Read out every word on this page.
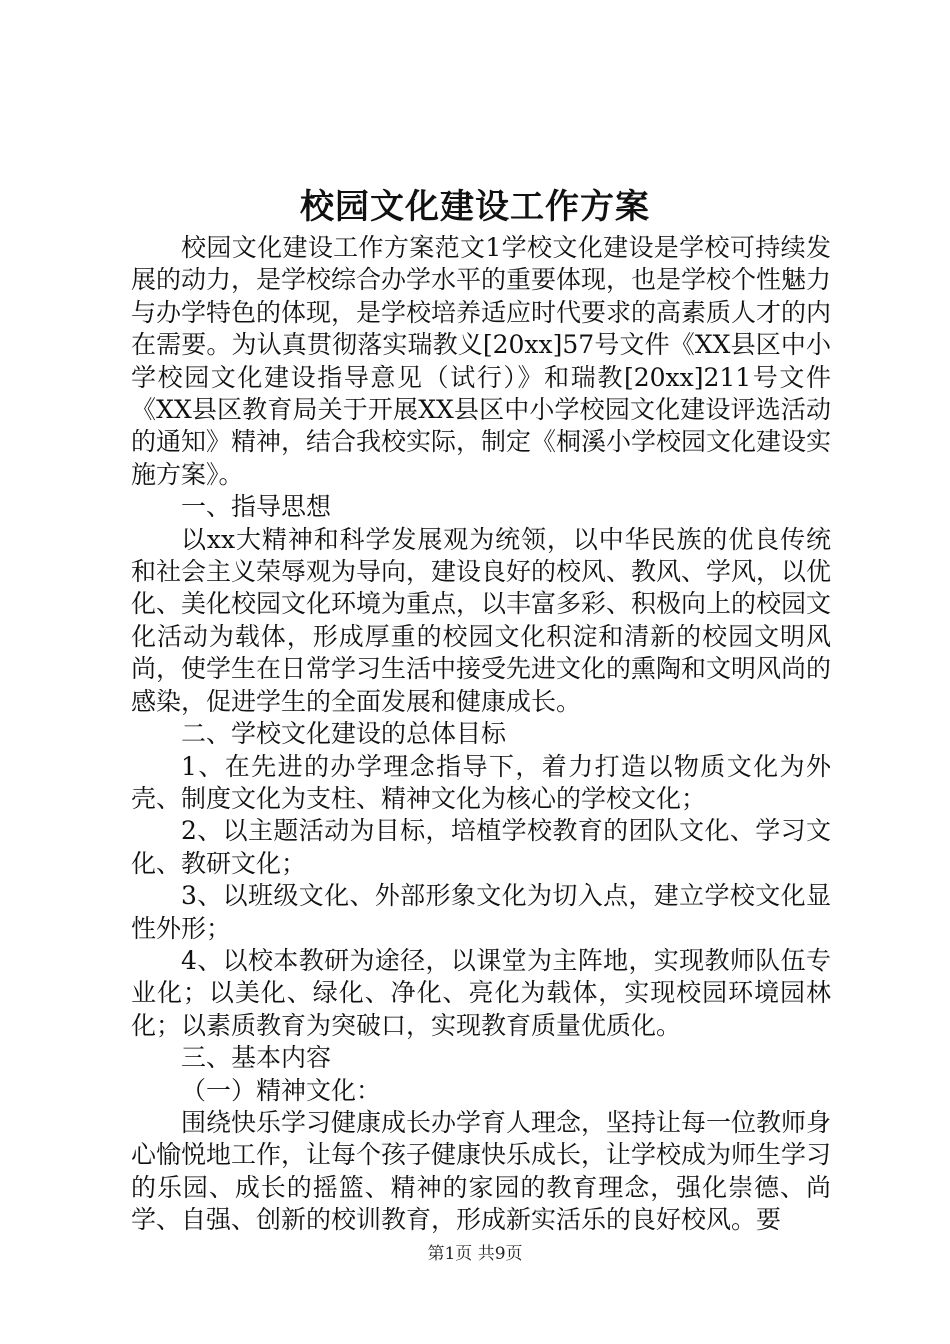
校园文化建设工作方案

校园文化建设工作方案范文1学校文化建设是学校可持续发展的动力，是学校综合办学水平的重要体现，也是学校个性魅力与办学特色的体现，是学校培养适应时代要求的高素质人才的内在需要。为认真贯彻落实瑞教义[20xx]57号文件《XX县区中小学校园文化建设指导意见（试行）》和瑞教[20xx]211号文件《XX县区教育局关于开展XX县区中小学校园文化建设评选活动的通知》精神，结合我校实际，制定《桐溪小学校园文化建设实施方案》。

一、指导思想

以xx大精神和科学发展观为统领，以中华民族的优良传统和社会主义荣辱观为导向，建设良好的校风、教风、学风，以优化、美化校园文化环境为重点，以丰富多彩、积极向上的校园文化活动为载体，形成厚重的校园文化积淀和清新的校园文明风尚，使学生在日常学习生活中接受先进文化的熏陶和文明风尚的感染，促进学生的全面发展和健康成长。

二、学校文化建设的总体目标

1、在先进的办学理念指导下，着力打造以物质文化为外壳、制度文化为支柱、精神文化为核心的学校文化；

2、以主题活动为目标，培植学校教育的团队文化、学习文化、教研文化；

3、以班级文化、外部形象文化为切入点，建立学校文化显性外形；

4、以校本教研为途径，以课堂为主阵地，实现教师队伍专业化；以美化、绿化、净化、亮化为载体，实现校园环境园林化；以素质教育为突破口，实现教育质量优质化。

三、基本内容

（一）精神文化：

围绕快乐学习健康成长办学育人理念，坚持让每一位教师身心愉悦地工作，让每个孩子健康快乐成长，让学校成为师生学习的乐园、成长的摇篮、精神的家园的教育理念，强化崇德、尚学、自强、创新的校训教育，形成新实活乐的良好校风。要

第1页 共9页
